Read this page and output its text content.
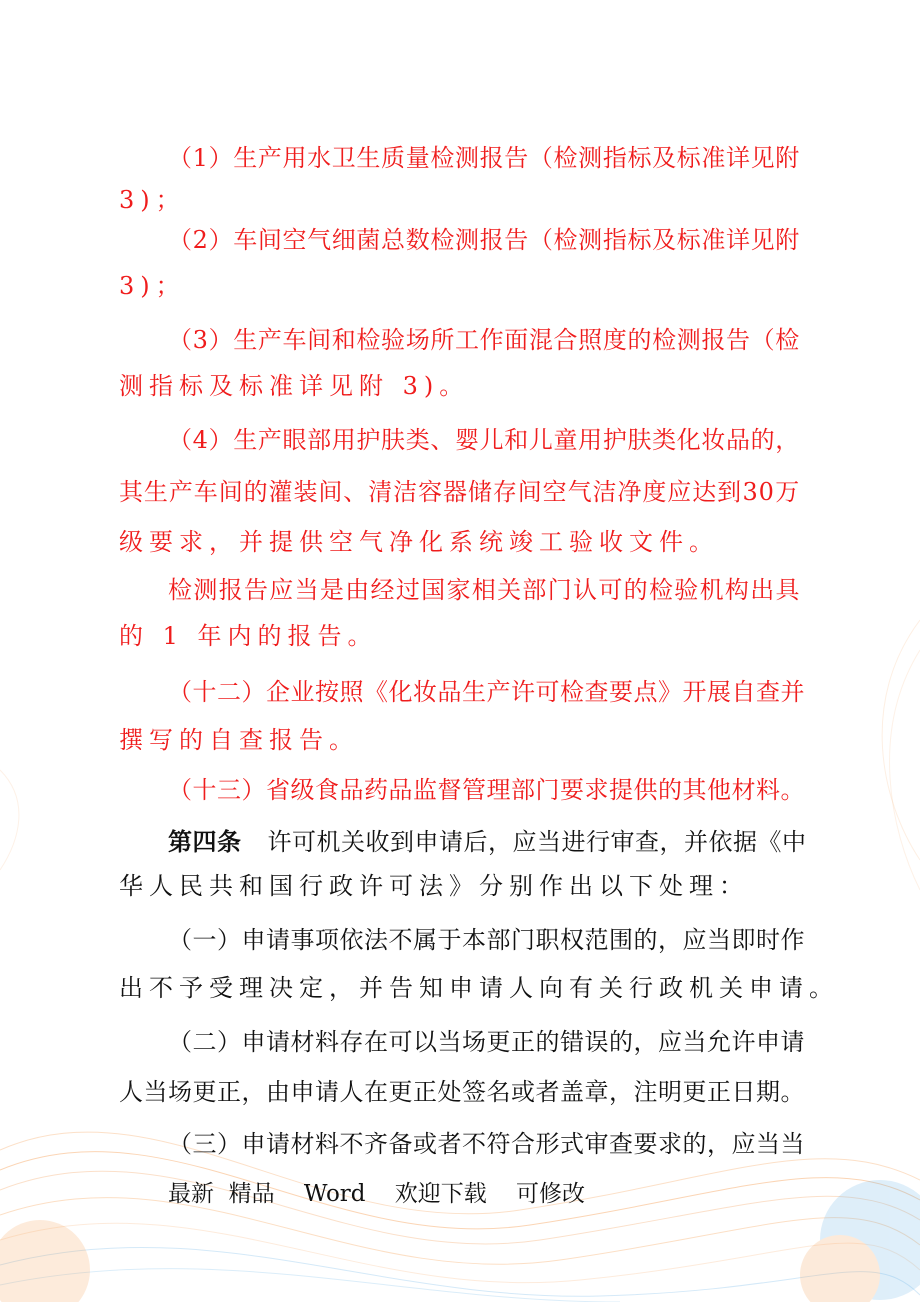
（ 1 ） 生 产 用 水 卫 生 质 量 检 测 报 告 （ 检 测 指 标 及 标 准 详 见 附
3)；
（ 2 ） 车 间 空 气 细 菌 总 数 检 测 报 告 （ 检 测 指 标 及 标 准 详 见 附
3)；
（ 3 ） 生 产 车 间 和 检 验 场 所 工 作 面 混 合 照 度 的 检 测 报 告 （ 检
测指标及标准详见附 3)。
（ 4 ） 生 产 眼 部 用 护 肤 类 、 婴 儿 和 儿 童 用 护 肤 类 化 妆 品 的 ，
其 生 产 车 间 的 灌 装 间 、 清 洁 容 器 储 存 间 空 气 洁 净 度 应 达 到 3 0 万
级要求，并提供空气净化系统竣工验收文件。
检 测 报 告 应 当 是 由 经 过 国 家 相 关 部 门 认 可 的 检 验 机 构 出 具
的 1 年内的报告。
（ 十 二 ） 企 业 按 照 《 化 妆 品 生 产 许 可 检 查 要 点 》 开 展 自 查 并
撰写的自查报告。
（ 十 三 ） 省 级 食 品 药 品 监 督 管 理 部 门 要 求 提 供 的 其 他 材 料 。
第四条 许 可 机 关 收 到 申 请 后 ， 应 当 进 行 审 查 ， 并 依 据 《 中
华人民共和国行政许可法》分别作出以下处理：
（ 一 ） 申 请 事 项 依 法 不 属 于 本 部 门 职 权 范 围 的 ， 应 当 即 时 作
出不予受理决定，并告知申请人向有关行政机关申请。
（ 二 ） 申 请 材 料 存 在 可 以 当 场 更 正 的 错 误 的 ， 应 当 允 许 申 请
人 当 场 更 正 ， 由 申 请 人 在 更 正 处 签 名 或 者 盖 章 ， 注 明 更 正 日 期 。
（ 三 ） 申 请 材 料 不 齐 备 或 者 不 符 合 形 式 审 查 要 求 的 ， 应 当 当
最新  精品    Word    欢迎下载    可修改
